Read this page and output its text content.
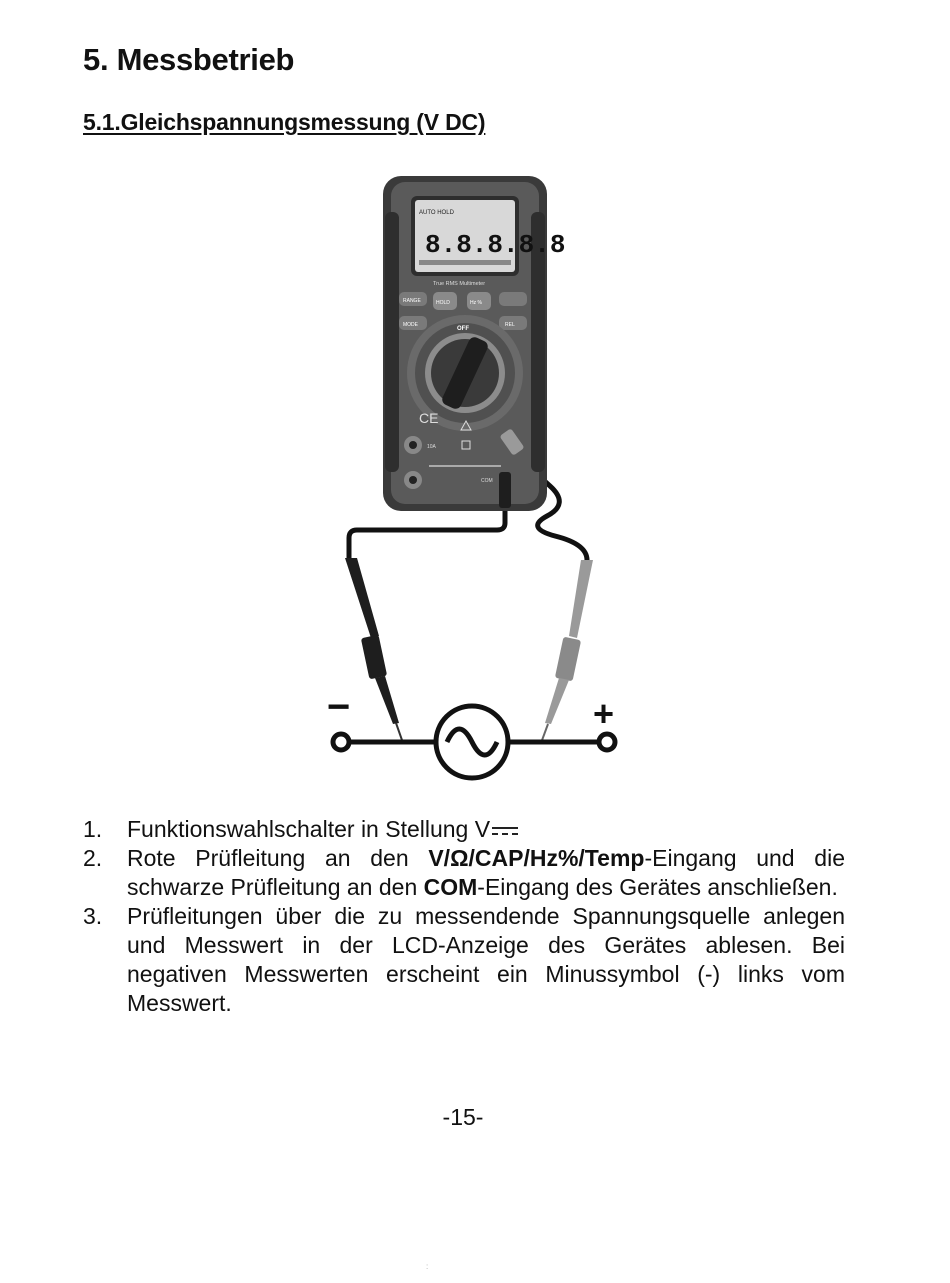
5. Messbetrieb
5.1.Gleichspannungsmessung (V DC)
AUTO HOLD
8.8.8.8.8
True RMS Multimeter
RANGE	HOLD	Hz %
MODE	REL
OFF
CE
10A
COM
−	+
1. Funktionswahlschalter in Stellung V
2. Rote Prüfleitung an den V/Ω/CAP/Hz%/Temp-Eingang und die schwarze Prüfleitung an den COM-Eingang des Gerätes anschließen.
3. Prüfleitungen über die zu messendende Spannungsquelle anlegen und Messwert in der LCD-Anzeige des Gerätes ablesen. Bei negativen Messwerten erscheint ein Minussymbol (-) links vom Messwert.
-15-
:
